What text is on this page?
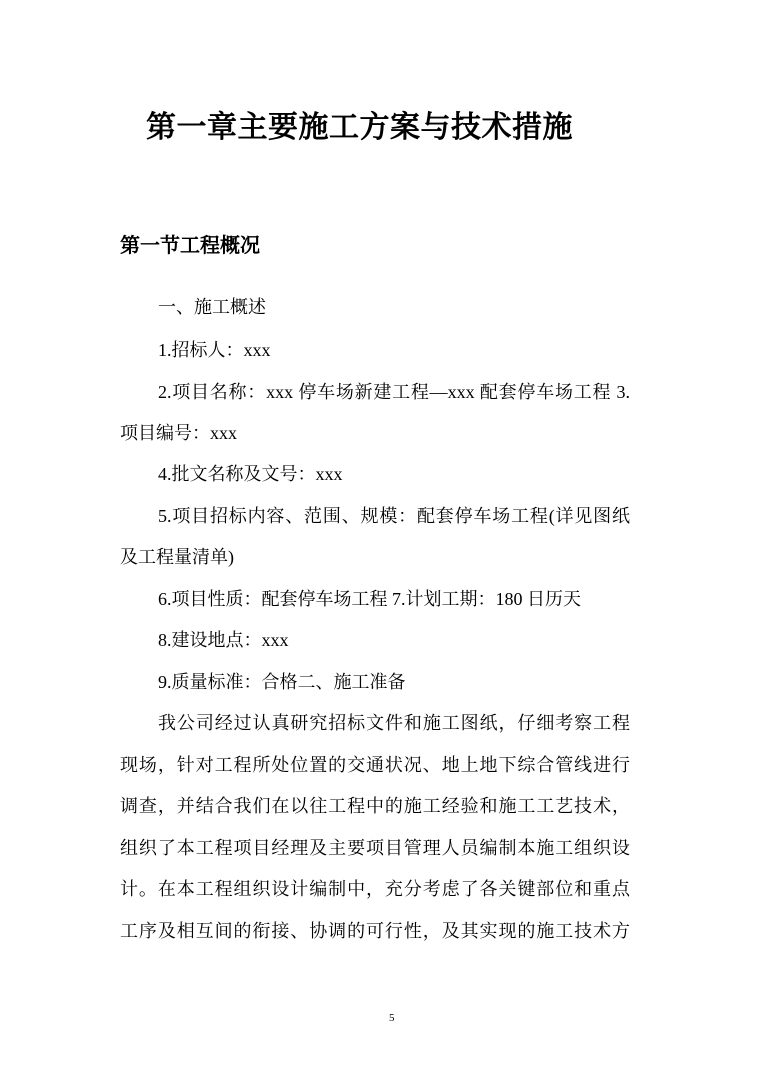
第一章主要施工方案与技术措施
第一节工程概况
一、施工概述
1.招标人：xxx
2.项目名称：xxx 停车场新建工程—xxx 配套停车场工程 3.
项目编号：xxx
4.批文名称及文号：xxx
5.项目招标内容、范围、规模：配套停车场工程(详见图纸
及工程量清单)
6.项目性质：配套停车场工程 7.计划工期：180 日历天
8.建设地点：xxx
9.质量标准：合格二、施工准备
我公司经过认真研究招标文件和施工图纸，仔细考察工程
现场，针对工程所处位置的交通状况、地上地下综合管线进行
调查，并结合我们在以往工程中的施工经验和施工工艺技术，
组织了本工程项目经理及主要项目管理人员编制本施工组织设
计。在本工程组织设计编制中，充分考虑了各关键部位和重点
工序及相互间的衔接、协调的可行性，及其实现的施工技术方
5
